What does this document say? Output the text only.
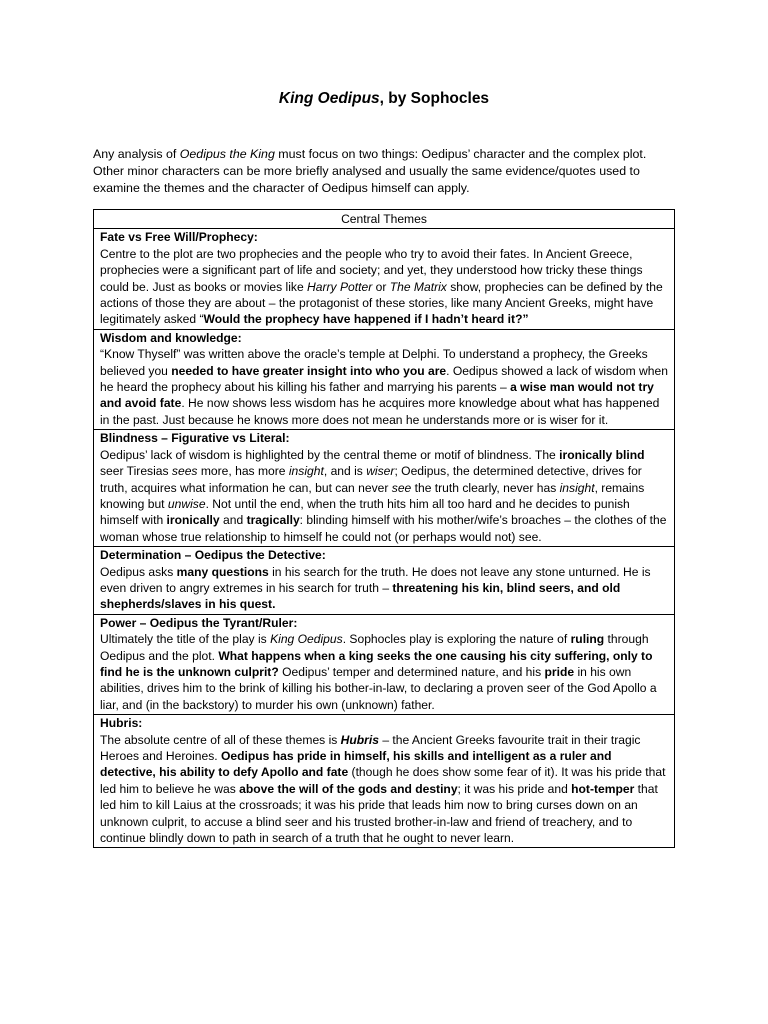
King Oedipus, by Sophocles

Any analysis of Oedipus the King must focus on two things: Oedipus’ character and the complex plot. Other minor characters can be more briefly analysed and usually the same evidence/quotes used to examine the themes and the character of Oedipus himself can apply.

Central Themes

Fate vs Free Will/Prophecy:
Centre to the plot are two prophecies and the people who try to avoid their fates. In Ancient Greece, prophecies were a significant part of life and society; and yet, they understood how tricky these things could be. Just as books or movies like Harry Potter or The Matrix show, prophecies can be defined by the actions of those they are about – the protagonist of these stories, like many Ancient Greeks, might have legitimately asked “Would the prophecy have happened if I hadn’t heard it?”

Wisdom and knowledge:
“Know Thyself” was written above the oracle’s temple at Delphi. To understand a prophecy, the Greeks believed you needed to have greater insight into who you are. Oedipus showed a lack of wisdom when he heard the prophecy about his killing his father and marrying his parents – a wise man would not try and avoid fate. He now shows less wisdom has he acquires more knowledge about what has happened in the past. Just because he knows more does not mean he understands more or is wiser for it.

Blindness – Figurative vs Literal:
Oedipus’ lack of wisdom is highlighted by the central theme or motif of blindness. The ironically blind seer Tiresias sees more, has more insight, and is wiser; Oedipus, the determined detective, drives for truth, acquires what information he can, but can never see the truth clearly, never has insight, remains knowing but unwise. Not until the end, when the truth hits him all too hard and he decides to punish himself with ironically and tragically: blinding himself with his mother/wife’s broaches – the clothes of the woman whose true relationship to himself he could not (or perhaps would not) see.

Determination – Oedipus the Detective:
Oedipus asks many questions in his search for the truth. He does not leave any stone unturned. He is even driven to angry extremes in his search for truth – threatening his kin, blind seers, and old shepherds/slaves in his quest.

Power – Oedipus the Tyrant/Ruler:
Ultimately the title of the play is King Oedipus. Sophocles play is exploring the nature of ruling through Oedipus and the plot. What happens when a king seeks the one causing his city suffering, only to find he is the unknown culprit? Oedipus’ temper and determined nature, and his pride in his own abilities, drives him to the brink of killing his bother-in-law, to declaring a proven seer of the God Apollo a liar, and (in the backstory) to murder his own (unknown) father.

Hubris:
The absolute centre of all of these themes is Hubris – the Ancient Greeks favourite trait in their tragic Heroes and Heroines. Oedipus has pride in himself, his skills and intelligent as a ruler and detective, his ability to defy Apollo and fate (though he does show some fear of it). It was his pride that led him to believe he was above the will of the gods and destiny; it was his pride and hot-temper that led him to kill Laius at the crossroads; it was his pride that leads him now to bring curses down on an unknown culprit, to accuse a blind seer and his trusted brother-in-law and friend of treachery, and to continue blindly down to path in search of a truth that he ought to never learn.
